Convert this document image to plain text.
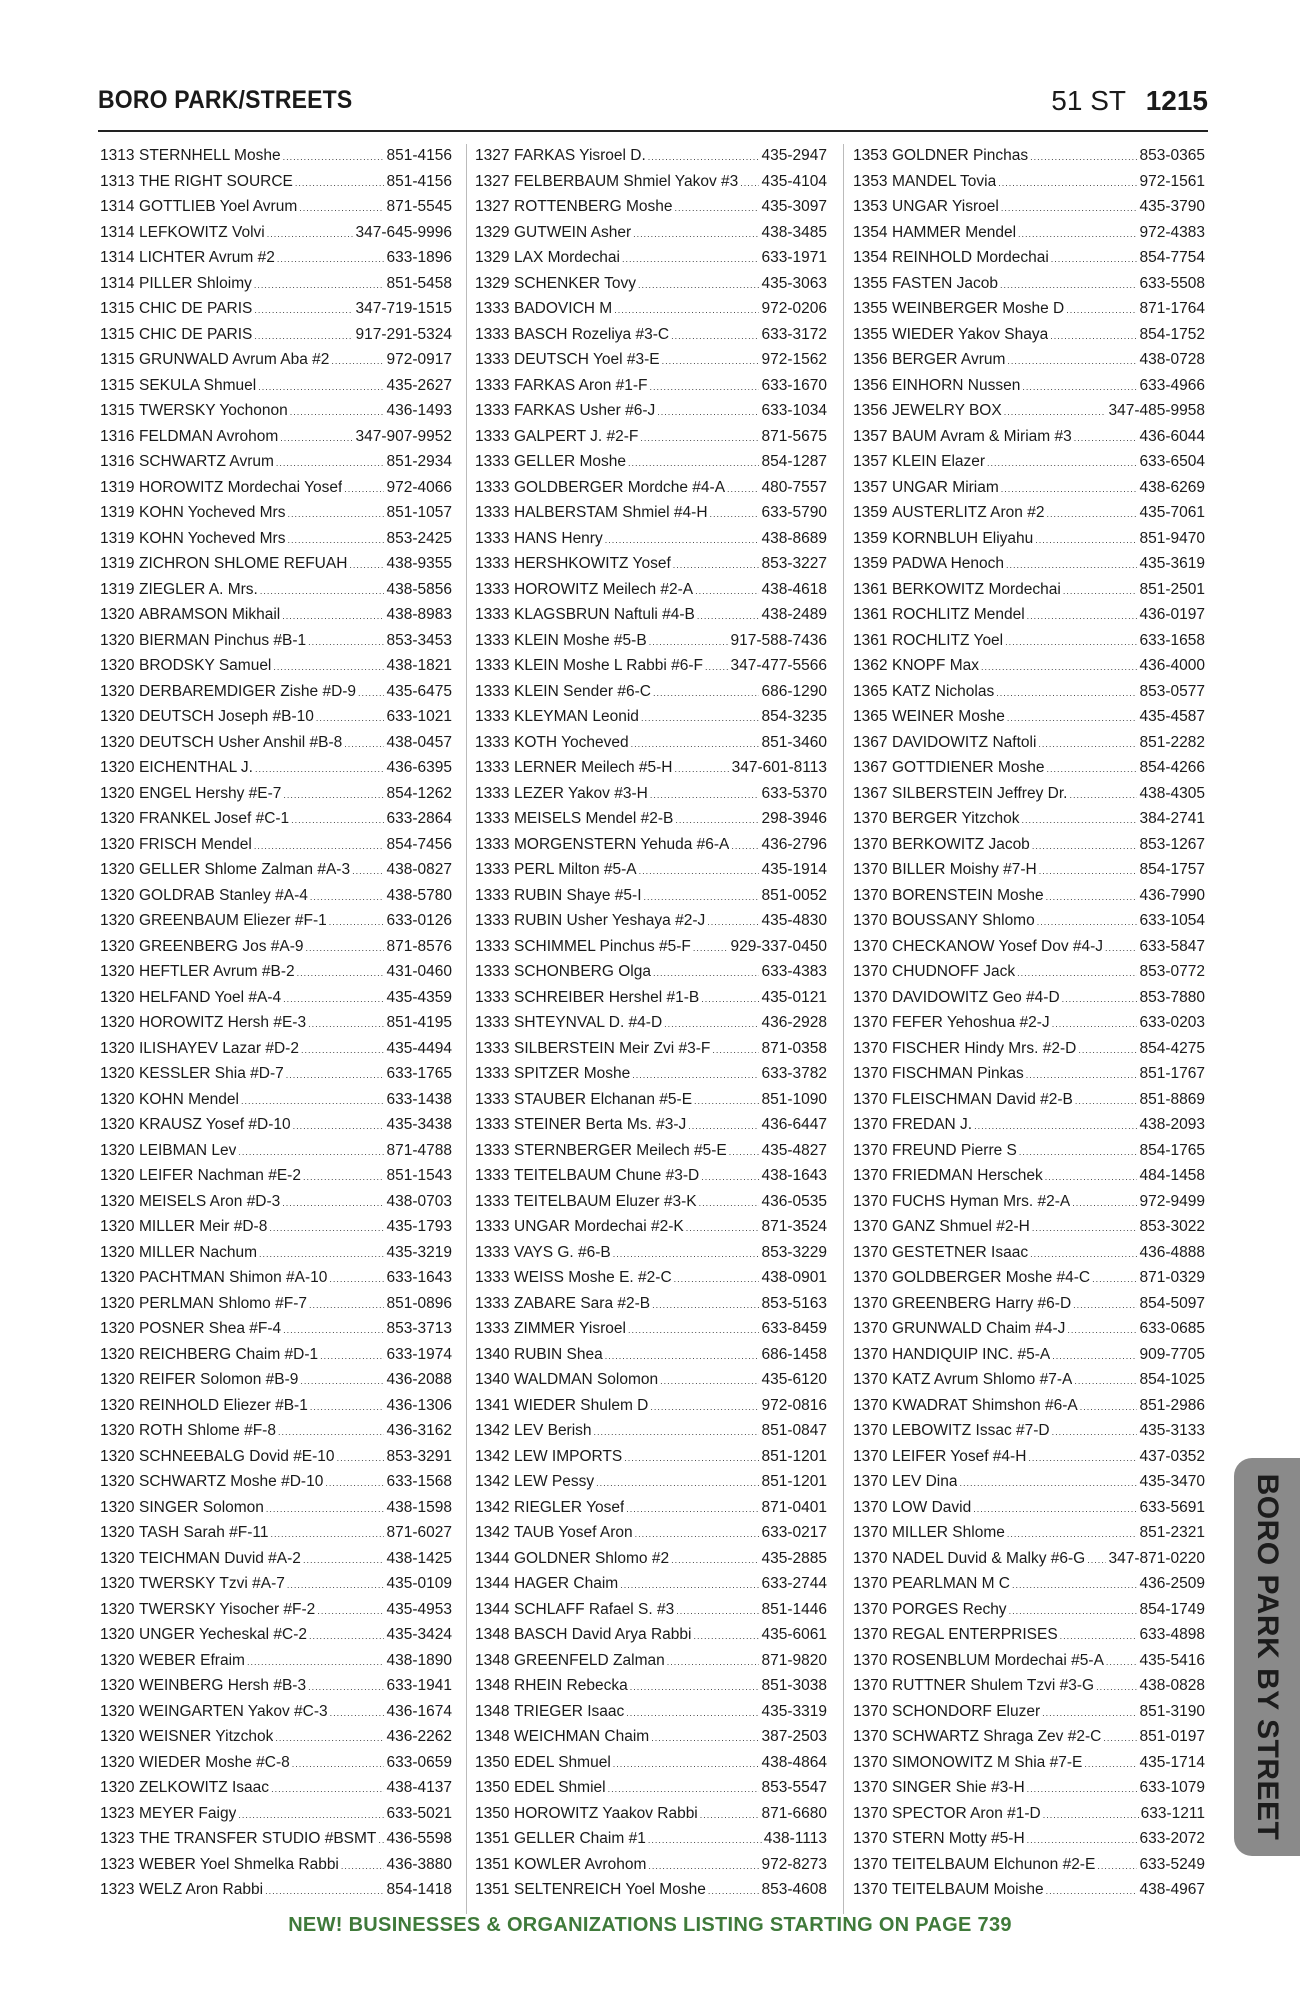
BORO PARK/STREETS	51 ST 1215
1313 STERNHELL Moshe .....	851-4156
1313 THE RIGHT SOURCE .....	851-4156
1314 GOTTLIEB Yoel Avrum .....	871-5545
1314 LEFKOWITZ Volvi .....	347-645-9996
1314 LICHTER Avrum #2 .....	633-1896
1314 PILLER Shloimy .....	851-5458
1315 CHIC DE PARIS .....	347-719-1515
1315 CHIC DE PARIS .....	917-291-5324
1315 GRUNWALD Avrum Aba #2 .....	972-0917
1315 SEKULA Shmuel .....	435-2627
1315 TWERSKY Yochonon .....	436-1493
1316 FELDMAN Avrohom .....	347-907-9952
1316 SCHWARTZ Avrum .....	851-2934
1319 HOROWITZ Mordechai Yosef .....	972-4066
1319 KOHN Yocheved Mrs .....	851-1057
1319 KOHN Yocheved Mrs .....	853-2425
1319 ZICHRON SHLOME REFUAH .....	438-9355
1319 ZIEGLER A. Mrs. .....	438-5856
1320 ABRAMSON Mikhail .....	438-8983
1320 BIERMAN Pinchus #B-1 .....	853-3453
1320 BRODSKY Samuel .....	438-1821
1320 DERBAREMDIGER Zishe #D-9 ..... 435-6475
1320 DEUTSCH Joseph #B-10 .....	633-1021
1320 DEUTSCH Usher Anshil #B-8 .....	438-0457
1320 EICHENTHAL J. .....	436-6395
1320 ENGEL Hershy #E-7 .....	854-1262
1320 FRANKEL Josef #C-1 .....	633-2864
1320 FRISCH Mendel .....	854-7456
1320 GELLER Shlome Zalman #A-3 ..... 438-0827
1320 GOLDRAB Stanley #A-4 .....	438-5780
1320 GREENBAUM Eliezer #F-1 .....	633-0126
1320 GREENBERG Jos #A-9 .....	871-8576
1320 HEFTLER Avrum #B-2 .....	431-0460
1320 HELFAND Yoel #A-4 .....	435-4359
1320 HOROWITZ Hersh #E-3 .....	851-4195
1320 ILISHAYEV Lazar #D-2 .....	435-4494
1320 KESSLER Shia #D-7 .....	633-1765
1320 KOHN Mendel .....	633-1438
1320 KRAUSZ Yosef #D-10 .....	435-3438
1320 LEIBMAN Lev .....	871-4788
1320 LEIFER Nachman #E-2 .....	851-1543
1320 MEISELS Aron #D-3 .....	438-0703
1320 MILLER Meir #D-8 .....	435-1793
1320 MILLER Nachum .....	435-3219
1320 PACHTMAN Shimon #A-10 .....	633-1643
1320 PERLMAN Shlomo #F-7 .....	851-0896
1320 POSNER Shea #F-4 .....	853-3713
1320 REICHBERG Chaim #D-1 .....	633-1974
1320 REIFER Solomon #B-9 .....	436-2088
1320 REINHOLD Eliezer #B-1 .....	436-1306
1320 ROTH Shlome #F-8 .....	436-3162
1320 SCHNEEBALG Dovid #E-10 .....	853-3291
1320 SCHWARTZ Moshe #D-10 .....	633-1568
1320 SINGER Solomon .....	438-1598
1320 TASH Sarah #F-11 .....	871-6027
1320 TEICHMAN Duvid #A-2 .....	438-1425
1320 TWERSKY Tzvi #A-7 .....	435-0109
1320 TWERSKY Yisocher #F-2 .....	435-4953
1320 UNGER Yecheskal #C-2 .....	435-3424
1320 WEBER Efraim .....	438-1890
1320 WEINBERG Hersh #B-3 .....	633-1941
1320 WEINGARTEN Yakov #C-3 .....	436-1674
1320 WEISNER Yitzchok .....	436-2262
1320 WIEDER Moshe #C-8 .....	633-0659
1320 ZELKOWITZ Isaac .....	438-4137
1323 MEYER Faigy .....	633-5021
1323 THE TRANSFER STUDIO #BSMT ..... 436-5598
1323 WEBER Yoel Shmelka Rabbi .....	436-3880
1323 WELZ Aron Rabbi .....	854-1418
1327 FARKAS Yisroel D. .....	435-2947
1327 FELBERBAUM Shmiel Yakov #3 ..... 435-4104
1327 ROTTENBERG Moshe .....	435-3097
1329 GUTWEIN Asher .....	438-3485
1329 LAX Mordechai .....	633-1971
1329 SCHENKER Tovy .....	435-3063
1333 BADOVICH M .....	972-0206
1333 BASCH Rozeliya #3-C .....	633-3172
1333 DEUTSCH Yoel #3-E .....	972-1562
1333 FARKAS Aron #1-F .....	633-1670
1333 FARKAS Usher #6-J .....	633-1034
1333 GALPERT J. #2-F .....	871-5675
1333 GELLER Moshe .....	854-1287
1333 GOLDBERGER Mordche #4-A ..... 480-7557
1333 HALBERSTAM Shmiel #4-H .....	633-5790
1333 HANS Henry .....	438-8689
1333 HERSHKOWITZ Yosef .....	853-3227
1333 HOROWITZ Meilech #2-A .....	438-4618
1333 KLAGSBRUN Naftuli #4-B .....	438-2489
1333 KLEIN Moshe #5-B .....	917-588-7436
1333 KLEIN Moshe L Rabbi #6-F ..... 347-477-5566
1333 KLEIN Sender #6-C .....	686-1290
1333 KLEYMAN Leonid .....	854-3235
1333 KOTH Yocheved .....	851-3460
1333 LERNER Meilech #5-H .....	347-601-8113
1333 LEZER Yakov #3-H .....	633-5370
1333 MEISELS Mendel #2-B .....	298-3946
1333 MORGENSTERN Yehuda #6-A ..... 436-2796
1333 PERL Milton #5-A .....	435-1914
1333 RUBIN Shaye #5-I .....	851-0052
1333 RUBIN Usher Yeshaya #2-J .....	435-4830
1333 SCHIMMEL Pinchus #5-F .....	929-337-0450
1333 SCHONBERG Olga .....	633-4383
1333 SCHREIBER Hershel #1-B .....	435-0121
1333 SHTEYNVAL D. #4-D .....	436-2928
1333 SILBERSTEIN Meir Zvi #3-F .....	871-0358
1333 SPITZER Moshe .....	633-3782
1333 STAUBER Elchanan #5-E .....	851-1090
1333 STEINER Berta Ms. #3-J .....	436-6447
1333 STERNBERGER Meilech #5-E ..... 435-4827
1333 TEITELBAUM Chune #3-D .....	438-1643
1333 TEITELBAUM Eluzer #3-K .....	436-0535
1333 UNGAR Mordechai #2-K .....	871-3524
1333 VAYS G. #6-B .....	853-3229
1333 WEISS Moshe E. #2-C .....	438-0901
1333 ZABARE Sara #2-B .....	853-5163
1333 ZIMMER Yisroel .....	633-8459
1340 RUBIN Shea .....	686-1458
1340 WALDMAN Solomon .....	435-6120
1341 WIEDER Shulem D .....	972-0816
1342 LEV Berish .....	851-0847
1342 LEW IMPORTS .....	851-1201
1342 LEW Pessy .....	851-1201
1342 RIEGLER Yosef .....	871-0401
1342 TAUB Yosef Aron .....	633-0217
1344 GOLDNER Shlomo #2 .....	435-2885
1344 HAGER Chaim .....	633-2744
1344 SCHLAFF Rafael S. #3 .....	851-1446
1348 BASCH David Arya Rabbi .....	435-6061
1348 GREENFELD Zalman .....	871-9820
1348 RHEIN Rebecka .....	851-3038
1348 TRIEGER Isaac .....	435-3319
1348 WEICHMAN Chaim .....	387-2503
1350 EDEL Shmuel .....	438-4864
1350 EDEL Shmiel .....	853-5547
1350 HOROWITZ Yaakov Rabbi .....	871-6680
1351 GELLER Chaim #1 .....	438-1113
1351 KOWLER Avrohom .....	972-8273
1351 SELTENREICH Yoel Moshe .....	853-4608
1353 GOLDNER Pinchas .....	853-0365
1353 MANDEL Tovia .....	972-1561
1353 UNGAR Yisroel .....	435-3790
1354 HAMMER Mendel .....	972-4383
1354 REINHOLD Mordechai .....	854-7754
1355 FASTEN Jacob .....	633-5508
1355 WEINBERGER Moshe D .....	871-1764
1355 WIEDER Yakov Shaya .....	854-1752
1356 BERGER Avrum .....	438-0728
1356 EINHORN Nussen .....	633-4966
1356 JEWELRY BOX .....	347-485-9958
1357 BAUM Avram & Miriam #3 .....	436-6044
1357 KLEIN Elazer .....	633-6504
1357 UNGAR Miriam .....	438-6269
1359 AUSTERLITZ Aron #2 .....	435-7061
1359 KORNBLUH Eliyahu .....	851-9470
1359 PADWA Henoch .....	435-3619
1361 BERKOWITZ Mordechai .....	851-2501
1361 ROCHLITZ Mendel .....	436-0197
1361 ROCHLITZ Yoel .....	633-1658
1362 KNOPF Max .....	436-4000
1365 KATZ Nicholas .....	853-0577
1365 WEINER Moshe .....	435-4587
1367 DAVIDOWITZ Naftoli .....	851-2282
1367 GOTTDIENER Moshe .....	854-4266
1367 SILBERSTEIN Jeffrey Dr. .....	438-4305
1370 BERGER Yitzchok .....	384-2741
1370 BERKOWITZ Jacob .....	853-1267
1370 BILLER Moishy #7-H .....	854-1757
1370 BORENSTEIN Moshe .....	436-7990
1370 BOUSSANY Shlomo .....	633-1054
1370 CHECKANOW Yosef Dov #4-J ..... 633-5847
1370 CHUDNOFF Jack .....	853-0772
1370 DAVIDOWITZ Geo #4-D .....	853-7880
1370 FEFER Yehoshua #2-J .....	633-0203
1370 FISCHER Hindy Mrs. #2-D .....	854-4275
1370 FISCHMAN Pinkas .....	851-1767
1370 FLEISCHMAN David #2-B .....	851-8869
1370 FREDAN J. .....	438-2093
1370 FREUND Pierre S .....	854-1765
1370 FRIEDMAN Herschek .....	484-1458
1370 FUCHS Hyman Mrs. #2-A .....	972-9499
1370 GANZ Shmuel #2-H .....	853-3022
1370 GESTETNER Isaac .....	436-4888
1370 GOLDBERGER Moshe #4-C .....	871-0329
1370 GREENBERG Harry #6-D .....	854-5097
1370 GRUNWALD Chaim #4-J .....	633-0685
1370 HANDIQUIP INC. #5-A .....	909-7705
1370 KATZ Avrum Shlomo #7-A .....	854-1025
1370 KWADRAT Shimshon #6-A .....	851-2986
1370 LEBOWITZ Issac #7-D .....	435-3133
1370 LEIFER Yosef #4-H .....	437-0352
1370 LEV Dina .....	435-3470
1370 LOW David .....	633-5691
1370 MILLER Shlome .....	851-2321
1370 NADEL Duvid & Malky #6-G ..... 347-871-0220
1370 PEARLMAN M C .....	436-2509
1370 PORGES Rechy .....	854-1749
1370 REGAL ENTERPRISES .....	633-4898
1370 ROSENBLUM Mordechai #5-A ..... 435-5416
1370 RUTTNER Shulem Tzvi #3-G .....	438-0828
1370 SCHONDORF Eluzer .....	851-3190
1370 SCHWARTZ Shraga Zev #2-C ..... 851-0197
1370 SIMONOWITZ M Shia #7-E .....	435-1714
1370 SINGER Shie #3-H .....	633-1079
1370 SPECTOR Aron #1-D .....	633-1211
1370 STERN Motty #5-H .....	633-2072
1370 TEITELBAUM Elchunon #2-E .....	633-5249
1370 TEITELBAUM Moishe .....	438-4967
BORO PARK BY STREET
NEW! BUSINESSES & ORGANIZATIONS LISTING STARTING ON PAGE 739
